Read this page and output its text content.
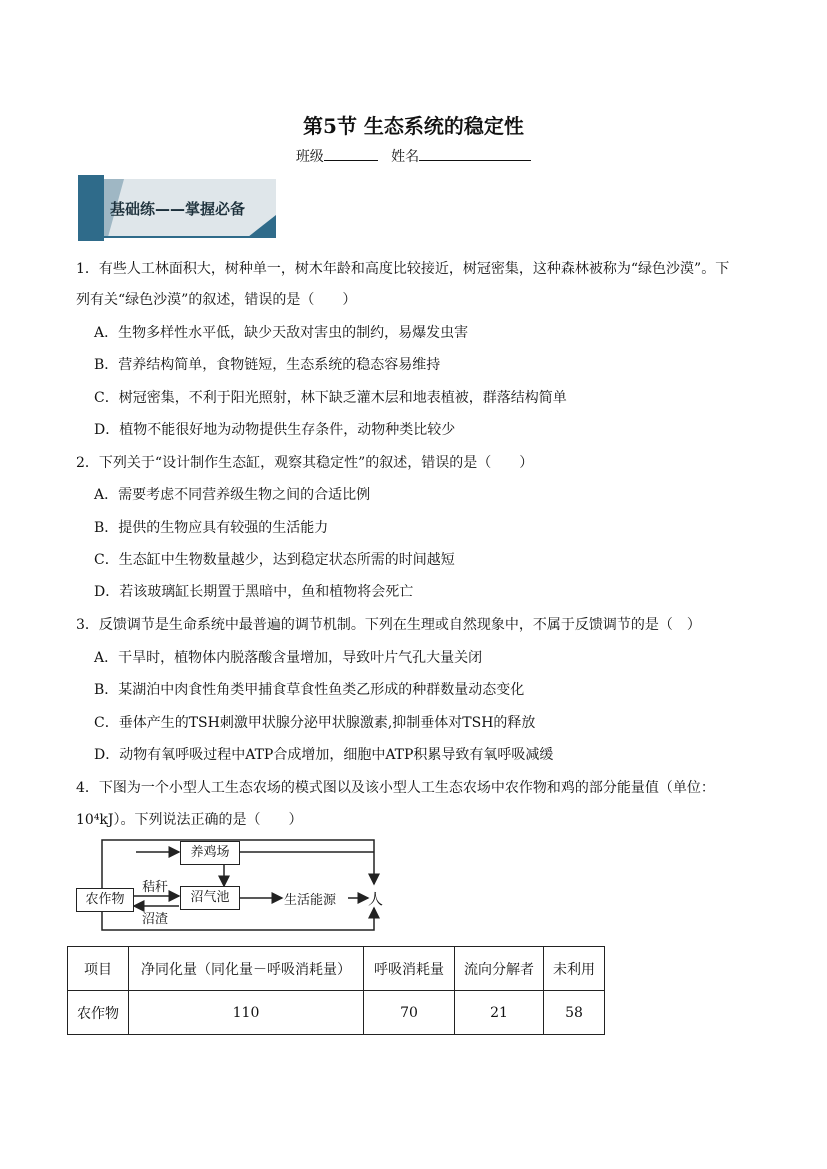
第5节 生态系统的稳定性
班级	姓名
基础练——掌握必备
1．有些人工林面积大，树种单一，树木年龄和高度比较接近，树冠密集，这种森林被称为“绿色沙漠”。下
列有关“绿色沙漠”的叙述，错误的是（　　）
A．生物多样性水平低，缺少天敌对害虫的制约，易爆发虫害
B．营养结构简单，食物链短，生态系统的稳态容易维持
C．树冠密集，不利于阳光照射，林下缺乏灌木层和地表植被，群落结构简单
D．植物不能很好地为动物提供生存条件，动物种类比较少
2．下列关于“设计制作生态缸，观察其稳定性”的叙述，错误的是（　　）
A．需要考虑不同营养级生物之间的合适比例
B．提供的生物应具有较强的生活能力
C．生态缸中生物数量越少，达到稳定状态所需的时间越短
D．若该玻璃缸长期置于黑暗中，鱼和植物将会死亡
3．反馈调节是生命系统中最普遍的调节机制。下列在生理或自然现象中，不属于反馈调节的是（　）
A．干旱时，植物体内脱落酸含量增加，导致叶片气孔大量关闭
B．某湖泊中肉食性角类甲捕食草食性鱼类乙形成的种群数量动态变化
C．垂体产生的TSH刺激甲状腺分泌甲状腺激素,抑制垂体对TSH的释放
D．动物有氧呼吸过程中ATP合成增加，细胞中ATP积累导致有氧呼吸减缓
4．下图为一个小型人工生态农场的模式图以及该小型人工生态农场中农作物和鸡的部分能量值（单位：
10⁴kJ）。下列说法正确的是（　　）
养鸡场
农作物	沼气池	生活能源 人
秸秆
沼渣
项目	净同化量（同化量－呼吸消耗量）	呼吸消耗量	流向分解者	未利用
农作物	110	70	21	58
